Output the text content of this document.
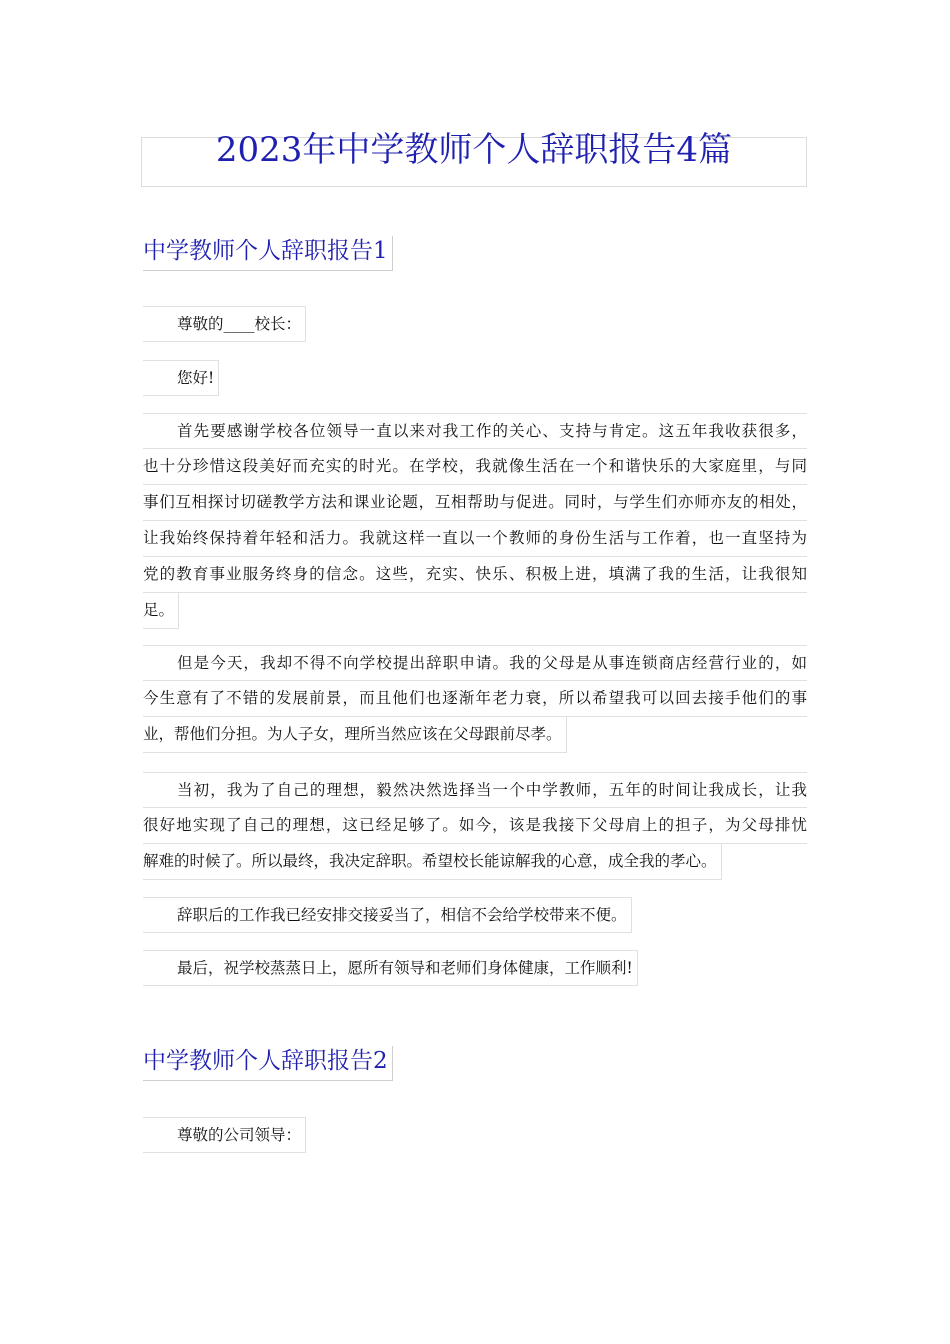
2023年中学教师个人辞职报告4篇
中学教师个人辞职报告1
尊敬的____校长：
您好!
首先要感谢学校各位领导一直以来对我工作的关心、支持与肯定。这五年我收获很多，
也十分珍惜这段美好而充实的时光。在学校，我就像生活在一个和谐快乐的大家庭里，与同
事们互相探讨切磋教学方法和课业论题，互相帮助与促进。同时，与学生们亦师亦友的相处，
让我始终保持着年轻和活力。我就这样一直以一个教师的身份生活与工作着，也一直坚持为
党的教育事业服务终身的信念。这些，充实、快乐、积极上进，填满了我的生活，让我很知
足。
但是今天，我却不得不向学校提出辞职申请。我的父母是从事连锁商店经营行业的，如
今生意有了不错的发展前景，而且他们也逐渐年老力衰，所以希望我可以回去接手他们的事
业，帮他们分担。为人子女，理所当然应该在父母跟前尽孝。
当初，我为了自己的理想，毅然决然选择当一个中学教师，五年的时间让我成长，让我
很好地实现了自己的理想，这已经足够了。如今，该是我接下父母肩上的担子，为父母排忧
解难的时候了。所以最终，我决定辞职。希望校长能谅解我的心意，成全我的孝心。
辞职后的工作我已经安排交接妥当了，相信不会给学校带来不便。
最后，祝学校蒸蒸日上，愿所有领导和老师们身体健康，工作顺利!
中学教师个人辞职报告2
尊敬的公司领导：
